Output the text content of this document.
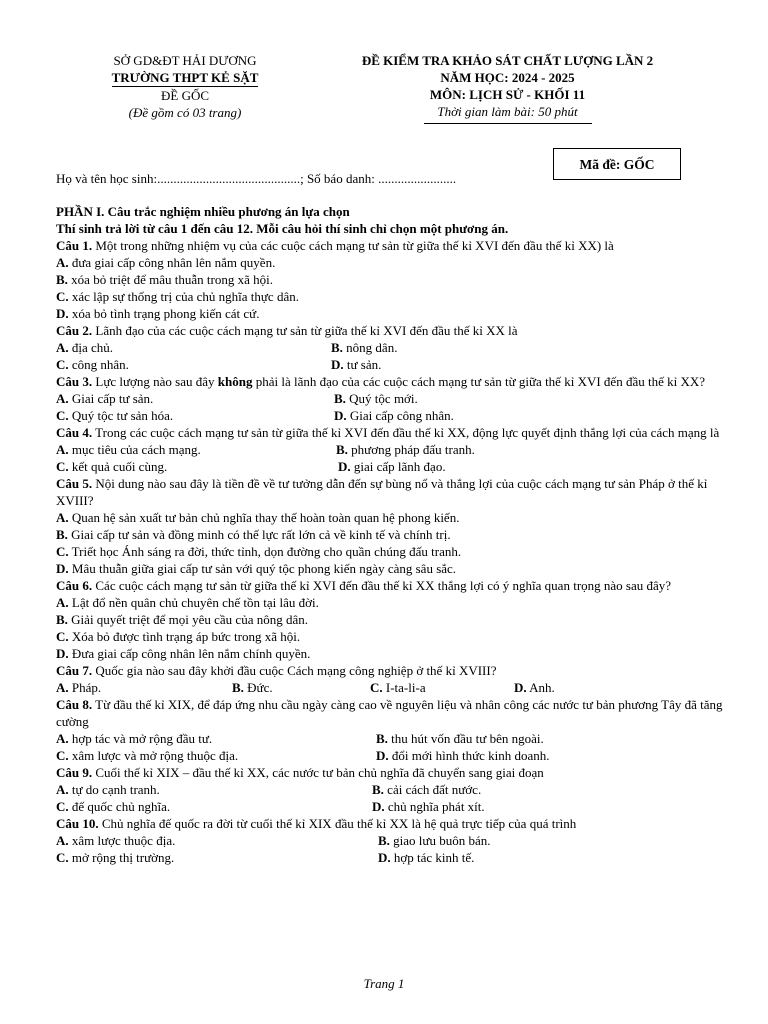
SỞ GD&ĐT HẢI DƯƠNG
TRƯỜNG THPT KẺ SẶT
ĐỀ GỐC
(Đề gồm có 03 trang)
ĐỀ KIỂM TRA KHẢO SÁT CHẤT LƯỢNG LẦN 2
NĂM HỌC: 2024 - 2025
MÔN: LỊCH SỬ - KHỐI 11
Thời gian làm bài: 50 phút
Mã đề: GỐC
Họ và tên học sinh:............................................; Số báo danh: ........................
PHẦN I. Câu trắc nghiệm nhiều phương án lựa chọn
Thí sinh trả lời từ câu 1 đến câu 12. Mỗi câu hỏi thí sinh chỉ chọn một phương án.
Câu 1. Một trong những nhiệm vụ của các cuộc cách mạng tư sản từ giữa thế kỉ XVI đến đầu thế kỉ XX) là
A. đưa giai cấp công nhân lên nắm quyền.
B. xóa bỏ triệt để mâu thuẫn trong xã hội.
C. xác lập sự thống trị của chủ nghĩa thực dân.
D. xóa bỏ tình trạng phong kiến cát cứ.
Câu 2. Lãnh đạo của các cuộc cách mạng tư sản từ giữa thế kỉ XVI đến đầu thế kỉ XX là
A. địa chủ.	B. nông dân.
C. công nhân.	D. tư sản.
Câu 3. Lực lượng nào sau đây không phải là lãnh đạo của các cuộc cách mạng tư sản từ giữa thế kỉ XVI đến đầu thế kỉ XX?
A. Giai cấp tư sản.	B. Quý tộc mới.
C. Quý tộc tư sản hóa.	D. Giai cấp công nhân.
Câu 4. Trong các cuộc cách mạng tư sản từ giữa thế kỉ XVI đến đầu thế kỉ XX, động lực quyết định thắng lợi của cách mạng là
A. mục tiêu của cách mạng.	B. phương pháp đấu tranh.
C. kết quả cuối cùng.	D. giai cấp lãnh đạo.
Câu 5. Nội dung nào sau đây là tiền đề về tư tưởng dẫn đến sự bùng nổ và thắng lợi của cuộc cách mạng tư sản Pháp ở thế kỉ XVIII?
A. Quan hệ sản xuất tư bản chủ nghĩa thay thế hoàn toàn quan hệ phong kiến.
B. Giai cấp tư sản và đồng minh có thế lực rất lớn cả về kinh tế và chính trị.
C. Triết học Ánh sáng ra đời, thức tỉnh, dọn đường cho quần chúng đấu tranh.
D. Mâu thuẫn giữa giai cấp tư sản với quý tộc phong kiến ngày càng sâu sắc.
Câu 6. Các cuộc cách mạng tư sản từ giữa thế kỉ XVI đến đầu thế kỉ XX thắng lợi có ý nghĩa quan trọng nào sau đây?
A. Lật đổ nền quân chủ chuyên chế tồn tại lâu đời.
B. Giải quyết triệt để mọi yêu cầu của nông dân.
C. Xóa bỏ được tình trạng áp bức trong xã hội.
D. Đưa giai cấp công nhân lên nắm chính quyền.
Câu 7. Quốc gia nào sau đây khởi đầu cuộc Cách mạng công nghiệp ở thế kỉ XVIII?
A. Pháp.	B. Đức.	C. I-ta-li-a	D. Anh.
Câu 8. Từ đầu thế kỉ XIX, để đáp ứng nhu cầu ngày càng cao về nguyên liệu và nhân công các nước tư bản phương Tây đã tăng cường
A. hợp tác và mở rộng đầu tư.	B. thu hút vốn đầu tư bên ngoài.
C. xâm lược và mở rộng thuộc địa.	D. đổi mới hình thức kinh doanh.
Câu 9. Cuối thế kỉ XIX – đầu thế kỉ XX, các nước tư bản chủ nghĩa đã chuyển sang giai đoạn
A. tự do cạnh tranh.	B. cải cách đất nước.
C. đế quốc chủ nghĩa.	D. chủ nghĩa phát xít.
Câu 10. Chủ nghĩa đế quốc ra đời từ cuối thế kỉ XIX đầu thế kỉ XX là hệ quả trực tiếp của quá trình
A. xâm lược thuộc địa.	B. giao lưu buôn bán.
C. mở rộng thị trường.	D. hợp tác kinh tế.
Trang 1
